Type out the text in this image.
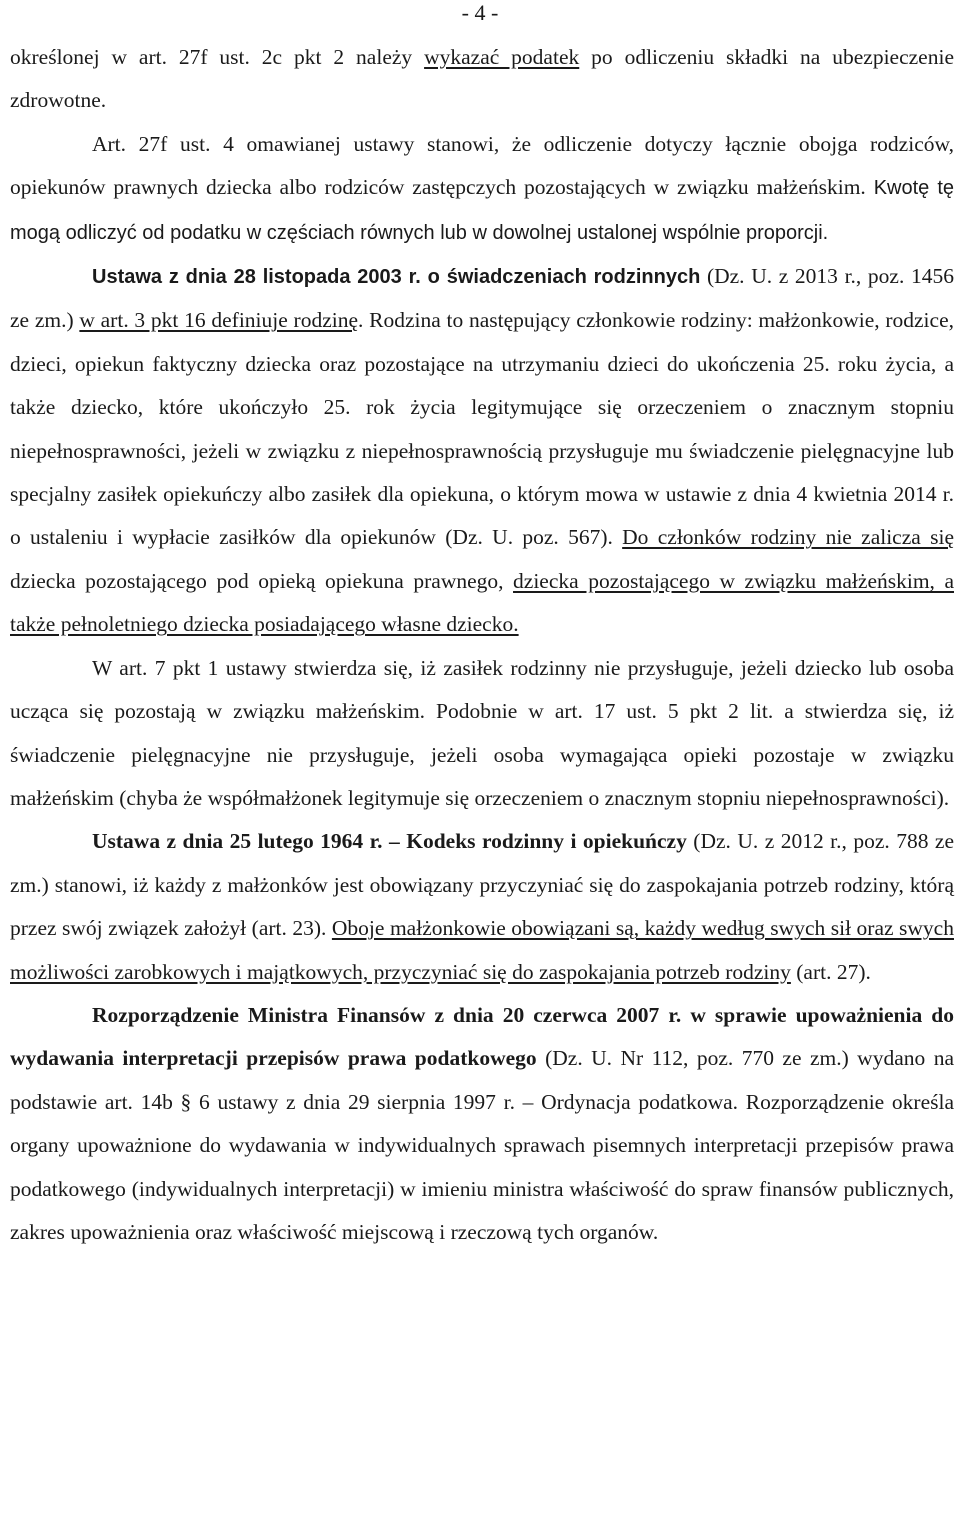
- 4 -

określonej w art. 27f ust. 2c pkt 2 należy wykazać podatek po odliczeniu składki na ubezpieczenie zdrowotne.

Art. 27f ust. 4 omawianej ustawy stanowi, że odliczenie dotyczy łącznie obojga rodziców, opiekunów prawnych dziecka albo rodziców zastępczych pozostających w związku małżeńskim. Kwotę tę mogą odliczyć od podatku w częściach równych lub w dowolnej ustalonej wspólnie proporcji.

Ustawa z dnia 28 listopada 2003 r. o świadczeniach rodzinnych (Dz. U. z 2013 r., poz. 1456 ze zm.) w art. 3 pkt 16 definiuje rodzinę. Rodzina to następujący członkowie rodziny: małżonkowie, rodzice, dzieci, opiekun faktyczny dziecka oraz pozostające na utrzymaniu dzieci do ukończenia 25. roku życia, a także dziecko, które ukończyło 25. rok życia legitymujące się orzeczeniem o znacznym stopniu niepełnosprawności, jeżeli w związku z niepełnosprawnością przysługuje mu świadczenie pielęgnacyjne lub specjalny zasiłek opiekuńczy albo zasiłek dla opiekuna, o którym mowa w ustawie z dnia 4 kwietnia 2014 r. o ustaleniu i wypłacie zasiłków dla opiekunów (Dz. U. poz. 567). Do członków rodziny nie zalicza się dziecka pozostającego pod opieką opiekuna prawnego, dziecka pozostającego w związku małżeńskim, a także pełnoletniego dziecka posiadającego własne dziecko.

W art. 7 pkt 1 ustawy stwierdza się, iż zasiłek rodzinny nie przysługuje, jeżeli dziecko lub osoba ucząca się pozostają w związku małżeńskim. Podobnie w art. 17 ust. 5 pkt 2 lit. a stwierdza się, iż świadczenie pielęgnacyjne nie przysługuje, jeżeli osoba wymagająca opieki pozostaje w związku małżeńskim (chyba że współmałżonek legitymuje się orzeczeniem o znacznym stopniu niepełnosprawności).

Ustawa z dnia 25 lutego 1964 r. – Kodeks rodzinny i opiekuńczy (Dz. U. z 2012 r., poz. 788 ze zm.) stanowi, iż każdy z małżonków jest obowiązany przyczyniać się do zaspokajania potrzeb rodziny, którą przez swój związek założył (art. 23). Oboje małżonkowie obowiązani są, każdy według swych sił oraz swych możliwości zarobkowych i majątkowych, przyczyniać się do zaspokajania potrzeb rodziny (art. 27).

Rozporządzenie Ministra Finansów z dnia 20 czerwca 2007 r. w sprawie upoważnienia do wydawania interpretacji przepisów prawa podatkowego (Dz. U. Nr 112, poz. 770 ze zm.) wydano na podstawie art. 14b § 6 ustawy z dnia 29 sierpnia 1997 r. – Ordynacja podatkowa. Rozporządzenie określa organy upoważnione do wydawania w indywidualnych sprawach pisemnych interpretacji przepisów prawa podatkowego (indywidualnych interpretacji) w imieniu ministra właściwość do spraw finansów publicznych, zakres upoważnienia oraz właściwość miejscową i rzeczową tych organów.
